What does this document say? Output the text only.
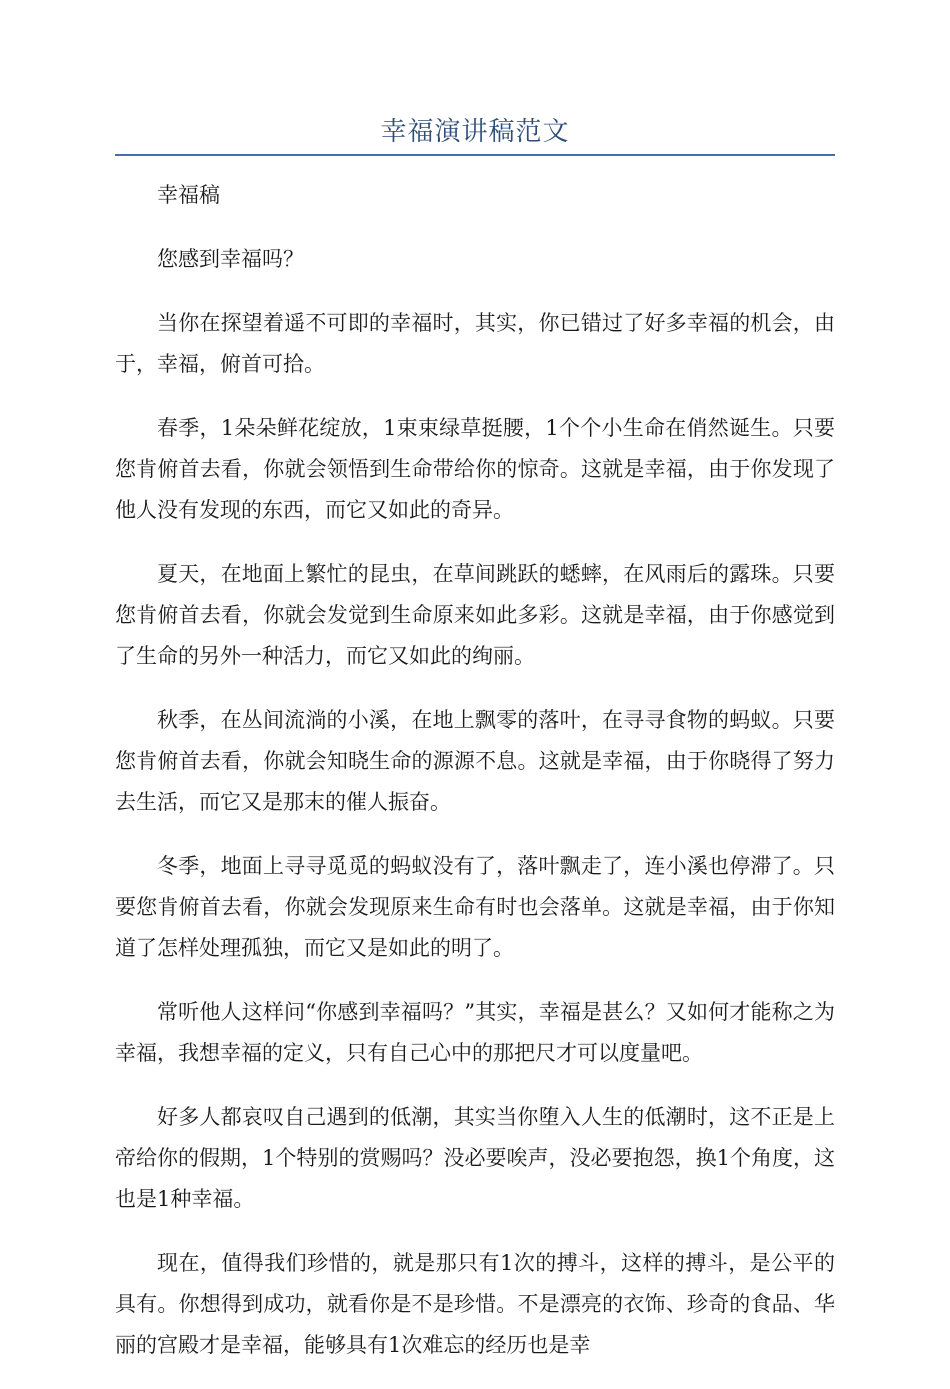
幸福演讲稿范文

幸福稿

您感到幸福吗？

当你在探望着遥不可即的幸福时，其实，你已错过了好多幸福的机会，由于，幸福，俯首可拾。

春季，1朵朵鲜花绽放，1束束绿草挺腰，1个个小生命在俏然诞生。只要您肯俯首去看，你就会领悟到生命带给你的惊奇。这就是幸福，由于你发现了他人没有发现的东西，而它又如此的奇异。

夏天，在地面上繁忙的昆虫，在草间跳跃的蟋蟀，在风雨后的露珠。只要您肯俯首去看，你就会发觉到生命原来如此多彩。这就是幸福，由于你感觉到了生命的另外一种活力，而它又如此的绚丽。

秋季，在丛间流淌的小溪，在地上飘零的落叶，在寻寻食物的蚂蚁。只要您肯俯首去看，你就会知晓生命的源源不息。这就是幸福，由于你晓得了努力去生活，而它又是那末的催人振奋。

冬季，地面上寻寻觅觅的蚂蚁没有了，落叶飘走了，连小溪也停滞了。只要您肯俯首去看，你就会发现原来生命有时也会落单。这就是幸福，由于你知道了怎样处理孤独，而它又是如此的明了。

常听他人这样问“你感到幸福吗？”其实，幸福是甚么？又如何才能称之为幸福，我想幸福的定义，只有自己心中的那把尺才可以度量吧。

好多人都哀叹自己遇到的低潮，其实当你堕入人生的低潮时，这不正是上帝给你的假期，1个特别的赏赐吗？没必要唉声，没必要抱怨，换1个角度，这也是1种幸福。

现在，值得我们珍惜的，就是那只有1次的搏斗，这样的搏斗，是公平的具有。你想得到成功，就看你是不是珍惜。不是漂亮的衣饰、珍奇的食品、华丽的宫殿才是幸福，能够具有1次难忘的经历也是幸
